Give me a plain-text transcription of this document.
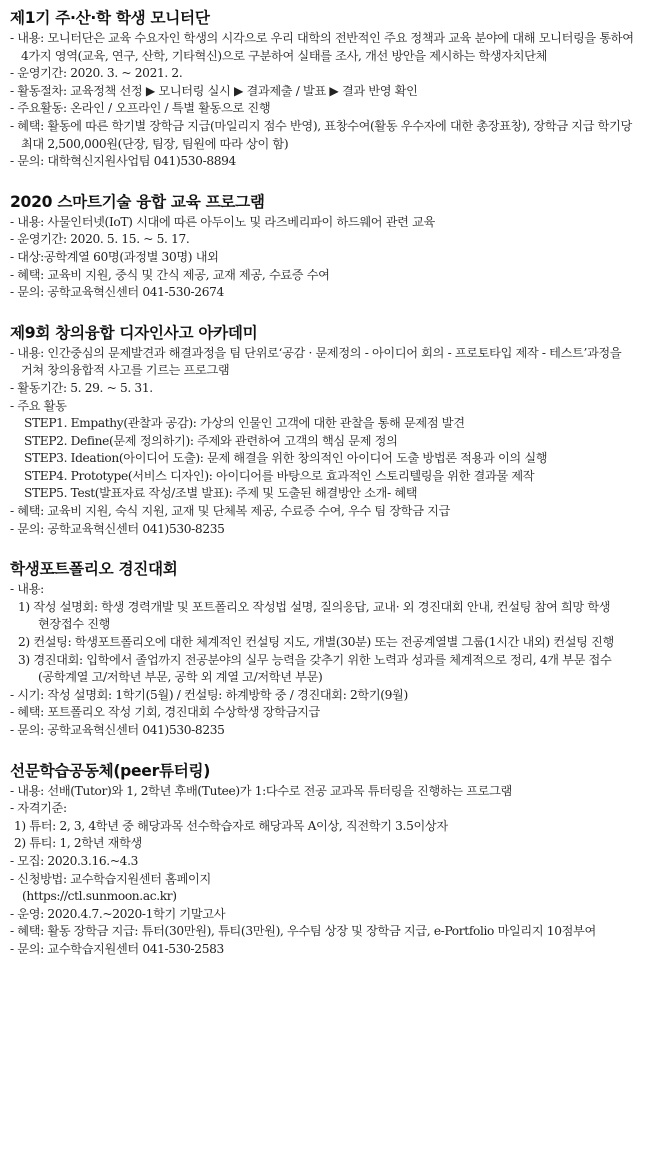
제1기 주·산·학 학생 모니터단
- 내용: 모니터단은 교육 수요자인 학생의 시각으로 우리 대학의 전반적인 주요 정책과 교육 분야에 대해 모니터링을 통하여 4가지 영역(교육, 연구, 산학, 기타혁신)으로 구분하여 실태를 조사, 개선 방안을 제시하는 학생자치단체
- 운영기간: 2020. 3. ~ 2021. 2.
- 활동절차: 교육정책 선정 ▶ 모니터링 실시 ▶ 결과제출 / 발표 ▶ 결과 반영 확인
- 주요활동: 온라인 / 오프라인 / 특별 활동으로 진행
- 혜택: 활동에 따른 학기별 장학금 지급(마일리지 점수 반영), 표창수여(활동 우수자에 대한 총장표창), 장학금 지급 학기당 최대 2,500,000원(단장, 팀장, 팀원에 따라 상이 함)
- 문의: 대학혁신지원사업팀 041)530-8894
2020 스마트기술 융합 교육 프로그램
- 내용: 사물인터넷(IoT) 시대에 따른 아두이노 및 라즈베리파이 하드웨어 관련 교육
- 운영기간: 2020. 5. 15. ~ 5. 17.
- 대상:공학계열 60명(과정별 30명) 내외
- 혜택: 교육비 지원, 중식 및 간식 제공, 교재 제공, 수료증 수여
- 문의: 공학교육혁신센터 041-530-2674
제9회 창의융합 디자인사고 아카데미
- 내용: 인간중심의 문제발견과 해결과정을 팀 단위로‘공감 · 문제정의 - 아이디어 회의 - 프로토타입 제작 - 테스트’과정을 거쳐 창의융합적 사고를 기르는 프로그램
- 활동기간: 5. 29. ~ 5. 31.
- 주요 활동
STEP1. Empathy(관찰과 공감): 가상의 인물인 고객에 대한 관찰을 통해 문제점 발견
STEP2. Define(문제 정의하기): 주제와 관련하여 고객의 핵심 문제 정의
STEP3. Ideation(아이디어 도출): 문제 해결을 위한 창의적인 아이디어 도출 방법론 적용과 이의 실행
STEP4. Prototype(서비스 디자인): 아이디어를 바탕으로 효과적인 스토리텔링을 위한 결과물 제작
STEP5. Test(발표자료 작성/조별 발표): 주제 및 도출된 해결방안 소개- 혜택
- 혜택: 교육비 지원, 숙식 지원, 교재 및 단체복 제공, 수료증 수여, 우수 팀 장학금 지급
- 문의: 공학교육혁신센터 041)530-8235
학생포트폴리오 경진대회
- 내용:
1) 작성 설명회: 학생 경력개발 및 포트폴리오 작성법 설명, 질의응답, 교내· 외 경진대회 안내, 컨설팅 참여 희망 학생 현장접수 진행
2) 컨설팅: 학생포트폴리오에 대한 체계적인 컨설팅 지도, 개별(30분) 또는 전공계열별 그룹(1시간 내외) 컨설팅 진행
3) 경진대회: 입학에서 졸업까지 전공분야의 실무 능력을 갖추기 위한 노력과 성과를 체계적으로 정리, 4개 부문 접수(공학계열 고/저학년 부문, 공학 외 계열 고/저학년 부문)
- 시기: 작성 설명회: 1학기(5월) / 컨설팅: 하계방학 중 / 경진대회: 2학기(9월)
- 혜택: 포트폴리오 작성 기회, 경진대회 수상학생 장학금지급
- 문의: 공학교육혁신센터 041)530-8235
선문학습공동체(peer튜터링)
- 내용: 선배(Tutor)와 1, 2학년 후배(Tutee)가 1:다수로 전공 교과목 튜터링을 진행하는 프로그램
- 자격기준:
1) 튜터: 2, 3, 4학년 중 해당과목 선수학습자로 해당과목 A이상, 직전학기 3.5이상자
2) 튜티: 1, 2학년 재학생
- 모집: 2020.3.16.~4.3
- 신청방법: 교수학습지원센터 홈페이지
(https://ctl.sunmoon.ac.kr)
- 운영: 2020.4.7.~2020-1학기 기말고사
- 혜택: 활동 장학금 지급: 튜터(30만원), 튜티(3만원), 우수팀 상장 및 장학금 지급, e-Portfolio 마일리지 10점부여
- 문의: 교수학습지원센터 041-530-2583
